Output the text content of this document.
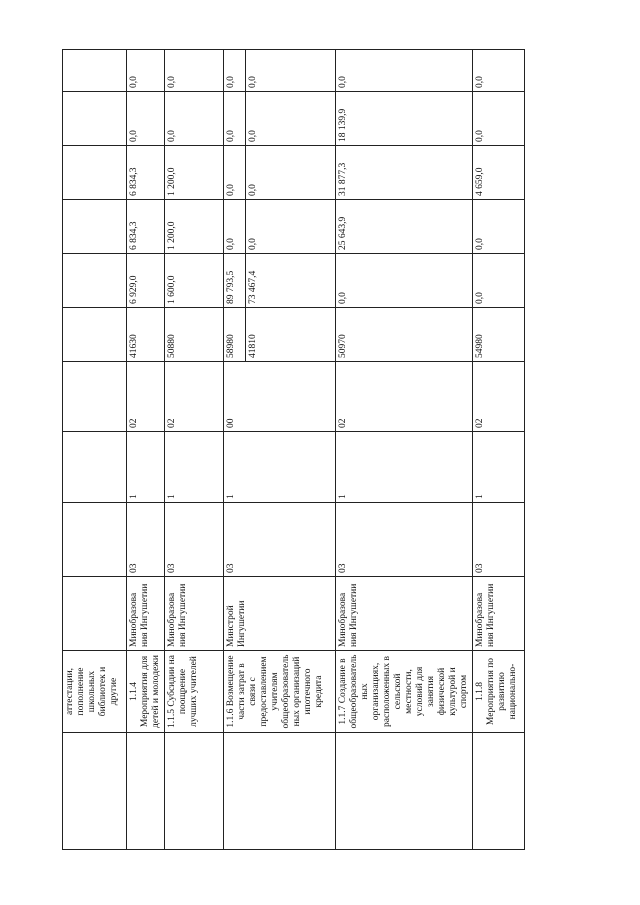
	аттестации, пополнение школьных библиотек и другие										
	1.1.4 Мероприятия для детей и молодежи	Минобразова ния Ингушетии	03	1	02	41630	6 929,0	6 834,3	6 834,3	0,0	0,0
	1.1.5 Субсидии на поощрение лучших учителей	Минобразова ния Ингушетии	03	1	02	50880	1 600,0	1 200,0	1 200,0	0,0	0,0
	1.1.6 Возмещение части затрат в связи с предоставлением учителям общеобразователь ных организаций ипотечного кредита	Минстрой Ингушетии	03	1	00	58980	89 793,5	0,0	0,0	0,0	0,0
						41810	73 467,4	0,0	0,0	0,0	0,0
	1.1.7 Создание в общеобразователь ных организациях, расположенных в сельской местности, условий для занятия физической культурой и спортом	Минобразова ния Ингушетии	03	1	02	50970	0,0	25 643,9	31 877,3	18 139,9	0,0
	1.1.8 Мероприятия по развитию национально-	Минобразова ния Ингушетии	03	1	02	54980	0,0	0,0	4 659,0	0,0	0,0
